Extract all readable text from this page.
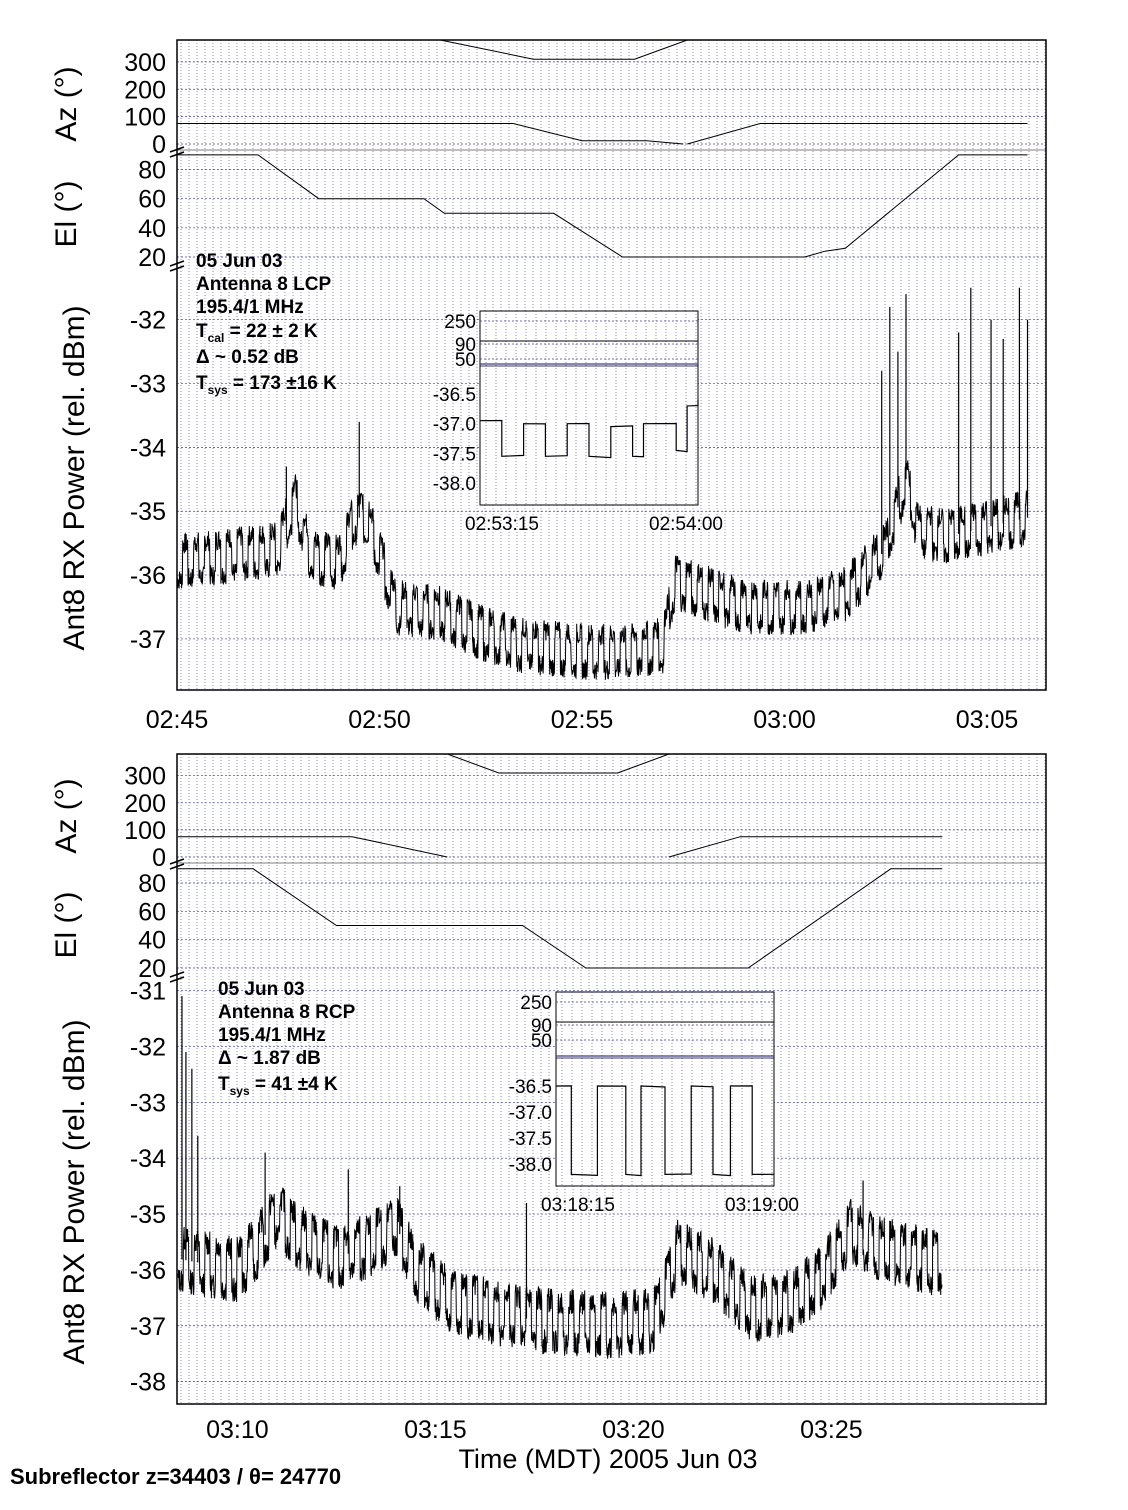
300
200
100
0
80
60
40
20
-32
-33
-34
-35
-36
-37
02:45	02:50	02:55	03:00	03:05
Az (°)
El (°)
Ant8 RX Power (rel. dBm)
05 Jun 03
Antenna 8 LCP
195.4/1 MHz
$T_{cal} = 22 \pm 2$ K
Δ ~ 0.52 dB
$T_{sys} = 173 \pm 16$ K
250
90
50
-36.5
-37.0
-37.5
-38.0
02:53:15	02:54:00
300
200
100
0
80
60
40
20
-31
-32
-33
-34
-35
-36
-37
-38
03:10	03:15	03:20	03:25
Az (°)
El (°)
Ant8 RX Power (rel. dBm)
05 Jun 03
Antenna 8 RCP
195.4/1 MHz
Δ ~ 1.87 dB
$T_{sys} = 41 \pm 4$ K
250
90
50
-36.5
-37.0
-37.5
-38.0
03:18:15	03:19:00
Time (MDT) 2005 Jun 03
Subreflector z=34403 / θ= 24770
